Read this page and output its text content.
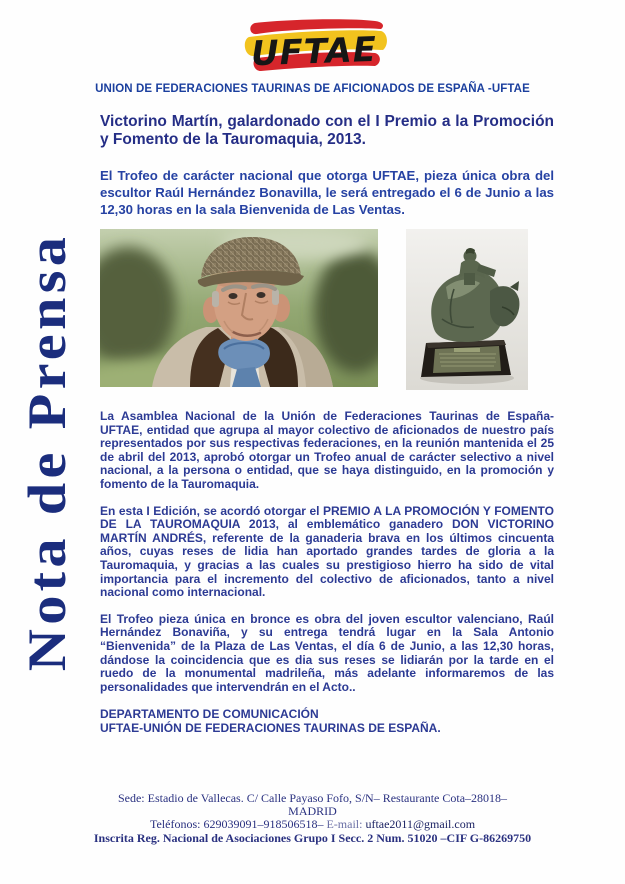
UFTAE
UNION DE FEDERACIONES TAURINAS DE AFICIONADOS DE ESPAÑA -UFTAE
Nota de Prensa
Victorino Martín, galardonado con el I Premio a la Promoción y Fomento de la Tauromaquia, 2013.

El Trofeo de carácter nacional que otorga UFTAE, pieza única obra del escultor Raúl Hernández Bonavilla, le será entregado el 6 de Junio a las 12,30 horas en la sala Bienvenida de Las Ventas.

La Asamblea Nacional de la Unión de Federaciones Taurinas de España-UFTAE, entidad que agrupa al mayor colectivo de aficionados de nuestro país representados por sus respectivas federaciones, en la reunión mantenida el 25 de abril del 2013, aprobó otorgar un Trofeo anual de carácter selectivo a nivel nacional, a la persona o entidad, que se haya distinguido, en la promoción y fomento de la Tauromaquia.

En esta I Edición, se acordó otorgar el PREMIO A LA PROMOCIÓN Y FOMENTO DE LA TAUROMAQUIA 2013, al emblemático ganadero DON VICTORINO MARTÍN ANDRÉS, referente de la ganaderia brava en los últimos cincuenta años, cuyas reses de lidia han aportado grandes tardes de gloria a la Tauromaquia, y gracias a las cuales su prestigioso hierro ha sido de vital importancia para el incremento del colectivo de aficionados, tanto a nivel nacional como internacional.

El Trofeo pieza única en bronce es obra del joven escultor valenciano, Raúl Hernández Bonaviña, y su entrega tendrá lugar en la Sala Antonio “Bienvenida” de la Plaza de Las Ventas, el día 6 de Junio, a las 12,30 horas, dándose la coincidencia que es dia sus reses se lidiarán por la tarde en el ruedo de la monumental madrileña, más adelante informaremos de las personalidades que intervendrán en el Acto..

DEPARTAMENTO DE COMUNICACIÓN
UFTAE-UNIÓN DE FEDERACIONES TAURINAS DE ESPAÑA.
Sede: Estadio de Vallecas. C/ Calle Payaso Fofo, S/N– Restaurante Cota–28018–
MADRID
Teléfonos: 629039091–918506518– E-mail: uftae2011@gmail.com
Inscrita Reg. Nacional de Asociaciones Grupo I Secc. 2 Num. 51020 –CIF G-86269750
